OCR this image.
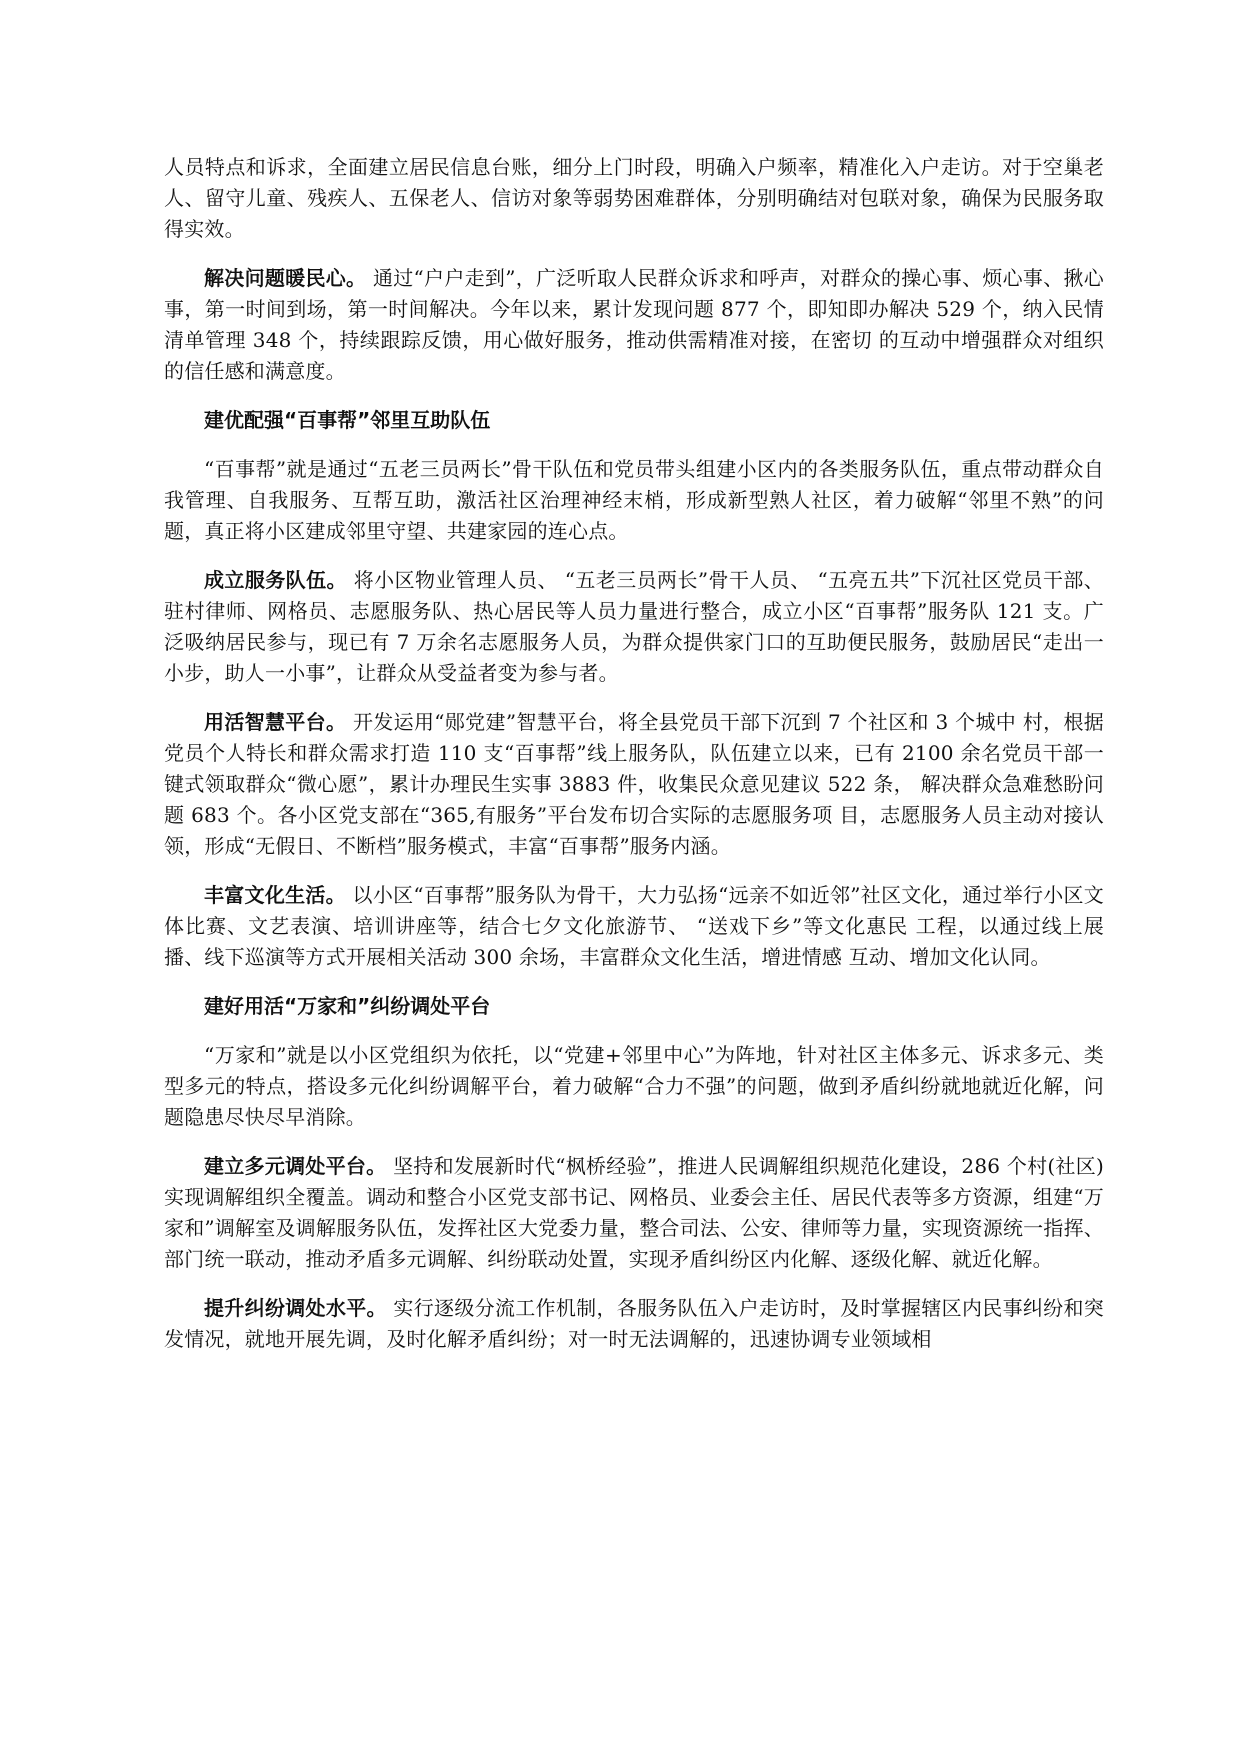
人员特点和诉求，全面建立居民信息台账，细分上门时段，明确入户频率，精准化入户走访。对于空巢老人、留守儿童、残疾人、五保老人、信访对象等弱势困难群体，分别明确结对包联对象，确保为民服务取得实效。

解决问题暖民心。 通过“户户走到”，广泛听取人民群众诉求和呼声，对群众的操心事、烦心事、揪心事，第一时间到场，第一时间解决。今年以来，累计发现问题 877 个，即知即办解决 529 个，纳入民情清单管理 348 个，持续跟踪反馈，用心做好服务，推动供需精准对接，在密切 的互动中增强群众对组织的信任感和满意度。

建优配强“百事帮”邻里互助队伍

“百事帮”就是通过“五老三员两长”骨干队伍和党员带头组建小区内的各类服务队伍，重点带动群众自我管理、自我服务、互帮互助，激活社区治理神经末梢，形成新型熟人社区，着力破解“邻里不熟”的问题，真正将小区建成邻里守望、共建家园的连心点。

成立服务队伍。 将小区物业管理人员、 “五老三员两长”骨干人员、 “五亮五共”下沉社区党员干部、驻村律师、网格员、志愿服务队、热心居民等人员力量进行整合，成立小区“百事帮”服务队 121 支。广泛吸纳居民参与，现已有 7 万余名志愿服务人员，为群众提供家门口的互助便民服务，鼓励居民“走出一小步，助人一小事”，让群众从受益者变为参与者。

用活智慧平台。 开发运用“郧党建”智慧平台，将全县党员干部下沉到 7 个社区和 3 个城中 村，根据党员个人特长和群众需求打造 110 支“百事帮”线上服务队，队伍建立以来，已有 2100 余名党员干部一键式领取群众“微心愿”，累计办理民生实事 3883 件，收集民众意见建议 522 条， 解决群众急难愁盼问题 683 个。各小区党支部在“365,有服务”平台发布切合实际的志愿服务项 目，志愿服务人员主动对接认领，形成“无假日、不断档”服务模式，丰富“百事帮”服务内涵。

丰富文化生活。 以小区“百事帮”服务队为骨干，大力弘扬“远亲不如近邻”社区文化，通过举行小区文体比赛、文艺表演、培训讲座等，结合七夕文化旅游节、 “送戏下乡”等文化惠民 工程，以通过线上展播、线下巡演等方式开展相关活动 300 余场，丰富群众文化生活，增进情感 互动、增加文化认同。

建好用活“万家和”纠纷调处平台

“万家和”就是以小区党组织为依托，以“党建+邻里中心”为阵地，针对社区主体多元、诉求多元、类型多元的特点，搭设多元化纠纷调解平台，着力破解“合力不强”的问题，做到矛盾纠纷就地就近化解，问题隐患尽快尽早消除。

建立多元调处平台。 坚持和发展新时代“枫桥经验”，推进人民调解组织规范化建设，286 个村(社区)实现调解组织全覆盖。调动和整合小区党支部书记、网格员、业委会主任、居民代表等多方资源，组建“万家和”调解室及调解服务队伍，发挥社区大党委力量，整合司法、公安、律师等力量，实现资源统一指挥、部门统一联动，推动矛盾多元调解、纠纷联动处置，实现矛盾纠纷区内化解、逐级化解、就近化解。

提升纠纷调处水平。 实行逐级分流工作机制，各服务队伍入户走访时，及时掌握辖区内民事纠纷和突发情况，就地开展先调，及时化解矛盾纠纷；对一时无法调解的，迅速协调专业领域相
